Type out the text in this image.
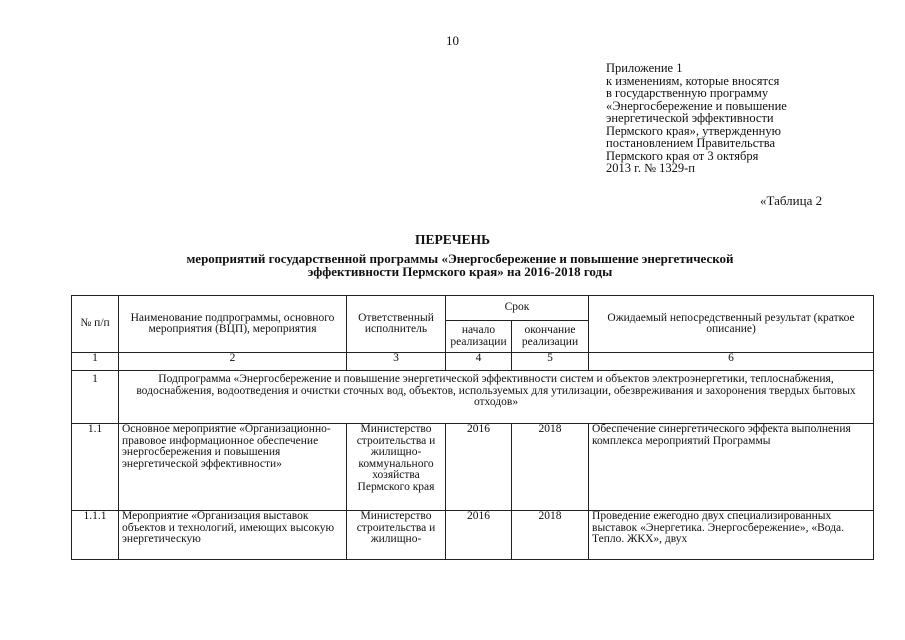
10
Приложение 1
к изменениям, которые вносятся
в государственную программу
«Энергосбережение и повышение
энергетической эффективности
Пермского края», утвержденную
постановлением Правительства
Пермского края от 3 октября
2013 г. № 1329-п
«Таблица 2
ПЕРЕЧЕНЬ
мероприятий государственной программы «Энергосбережение и повышение энергетической
эффективности Пермского края» на 2016-2018 годы
№ п/п	Наименование подпрограммы, основного мероприятия (ВЦП), мероприятия	Ответственный исполнитель	Срок		Ожидаемый непосредственный результат (краткое описание)
			начало реализации	окончание реализации	
1	2	3	4	5	6
1	Подпрограмма «Энергосбережение и повышение энергетической эффективности систем и объектов электроэнергетики, теплоснабжения, водоснабжения, водоотведения и очистки сточных вод, объектов, используемых для утилизации, обезвреживания и захоронения твердых бытовых отходов»				
1.1	Основное мероприятие «Организационно-правовое информационное обеспечение энергосбережения и повышения энергетической эффективности»	Министерство строительства и жилищно-коммунального хозяйства Пермского края	2016	2018	Обеспечение синергетического эффекта выполнения комплекса мероприятий Программы
1.1.1	Мероприятие «Организация выставок объектов и технологий, имеющих высокую энергетическую	Министерство строительства и жилищно-	2016	2018	Проведение ежегодно двух специализированных выставок «Энергетика. Энергосбережение», «Вода. Тепло. ЖКХ», двух
